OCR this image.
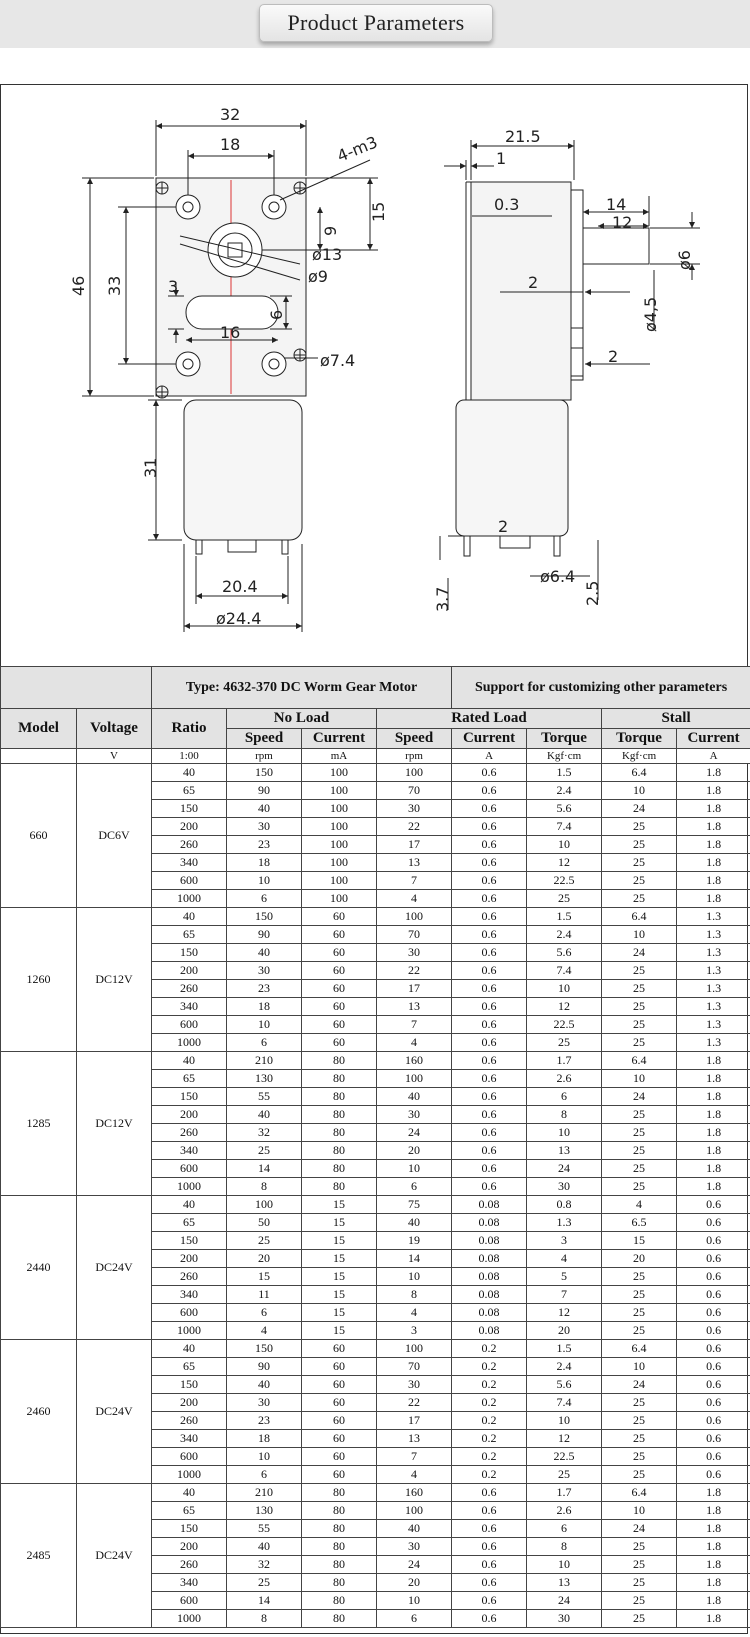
Product Parameters
32
18	4-m3
46 33
9
15
ø13
ø9
3
6
16
ø7.4
31
20.4
ø24.4
21.5
1
0.3	14
12
ø6
2
ø4,5
2
2
ø6.4
3.7	2.5
		Type: 4632-370 DC Worm Gear Motor				Support for customizing other parameters			
Model	Voltage	Ratio	No Load		Rated Load			Stall	
			Speed	Current	Speed	Current	Torque	Torque	Current
	V	1:00	rpm	mA	rpm	A	Kgf·cm	Kgf·cm	A
660	DC6V	40	150	100	100	0.6	1.5	6.4	1.8
		65	90	100	70	0.6	2.4	10	1.8
		150	40	100	30	0.6	5.6	24	1.8
		200	30	100	22	0.6	7.4	25	1.8
		260	23	100	17	0.6	10	25	1.8
		340	18	100	13	0.6	12	25	1.8
		600	10	100	7	0.6	22.5	25	1.8
		1000	6	100	4	0.6	25	25	1.8
1260	DC12V	40	150	60	100	0.6	1.5	6.4	1.3
		65	90	60	70	0.6	2.4	10	1.3
		150	40	60	30	0.6	5.6	24	1.3
		200	30	60	22	0.6	7.4	25	1.3
		260	23	60	17	0.6	10	25	1.3
		340	18	60	13	0.6	12	25	1.3
		600	10	60	7	0.6	22.5	25	1.3
		1000	6	60	4	0.6	25	25	1.3
1285	DC12V	40	210	80	160	0.6	1.7	6.4	1.8
		65	130	80	100	0.6	2.6	10	1.8
		150	55	80	40	0.6	6	24	1.8
		200	40	80	30	0.6	8	25	1.8
		260	32	80	24	0.6	10	25	1.8
		340	25	80	20	0.6	13	25	1.8
		600	14	80	10	0.6	24	25	1.8
		1000	8	80	6	0.6	30	25	1.8
2440	DC24V	40	100	15	75	0.08	0.8	4	0.6
		65	50	15	40	0.08	1.3	6.5	0.6
		150	25	15	19	0.08	3	15	0.6
		200	20	15	14	0.08	4	20	0.6
		260	15	15	10	0.08	5	25	0.6
		340	11	15	8	0.08	7	25	0.6
		600	6	15	4	0.08	12	25	0.6
		1000	4	15	3	0.08	20	25	0.6
2460	DC24V	40	150	60	100	0.2	1.5	6.4	0.6
		65	90	60	70	0.2	2.4	10	0.6
		150	40	60	30	0.2	5.6	24	0.6
		200	30	60	22	0.2	7.4	25	0.6
		260	23	60	17	0.2	10	25	0.6
		340	18	60	13	0.2	12	25	0.6
		600	10	60	7	0.2	22.5	25	0.6
		1000	6	60	4	0.2	25	25	0.6
2485	DC24V	40	210	80	160	0.6	1.7	6.4	1.8
		65	130	80	100	0.6	2.6	10	1.8
		150	55	80	40	0.6	6	24	1.8
		200	40	80	30	0.6	8	25	1.8
		260	32	80	24	0.6	10	25	1.8
		340	25	80	20	0.6	13	25	1.8
		600	14	80	10	0.6	24	25	1.8
		1000	8	80	6	0.6	30	25	1.8
